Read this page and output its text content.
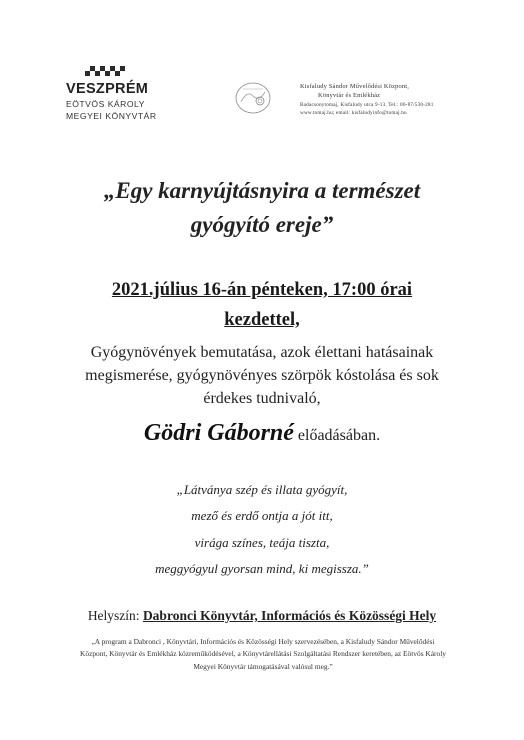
VESZPRÉM
EÖTVÖS KÁROLY
MEGYEI KÖNYVTÁR
Kisfaludy Sándor Művelődési Központ,
Könyvtár és Emlékház
Badacsonytomaj, Kisfaludy utca 9-13. Tel.: 06-87/530-281
www.tomaj.hu; email: kisfaludyinfo@tomaj.hu
„Egy karnyújtásnyira a természet
gyógyító ereje”
2021.július 16-án pénteken, 17:00 órai
kezdettel,
Gyógynövények bemutatása, azok élettani hatásainak
megismerése, gyógynövényes szörpök kóstolása és sok
érdekes tudnivaló,
Gödri Gáborné előadásában.
„Látványa szép és illata gyógyít,
mező és erdő ontja a jót itt,
virága színes, teája tiszta,
meggyógyul gyorsan mind, ki megissza.”
Helyszín: Dabronci Könyvtár, Információs és Közösségi Hely
„A program a Dabronci , Könyvtári, Információs és Közösségi Hely szervezésében, a Kisfaludy Sándor Művelődési
Központ, Könyvtár és Emlékház közreműködésével, a Könyvtárellátási Szolgáltatási Rendszer keretében, az Eötvös Károly
Megyei Könyvtár támogatásával valósul meg.”
